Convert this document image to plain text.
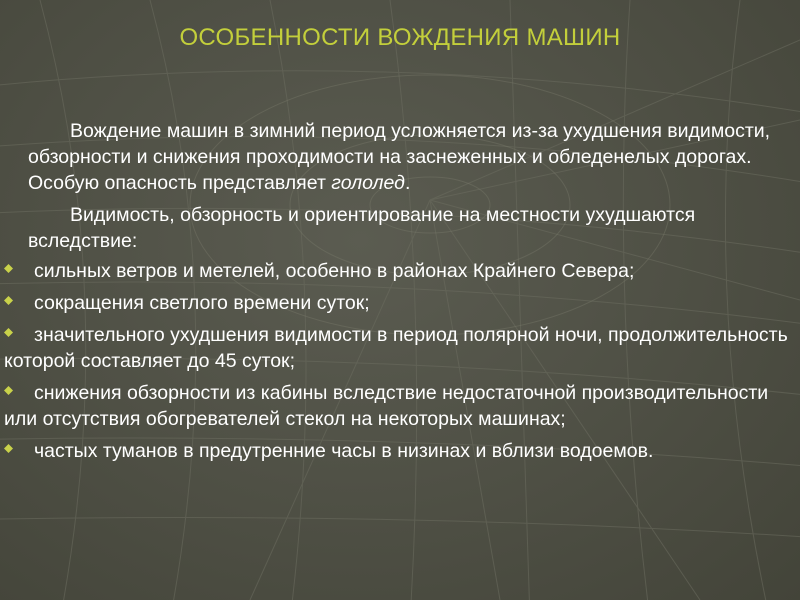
ОСОБЕННОСТИ ВОЖДЕНИЯ МАШИН

Вождение машин в зимний период усложняется из-за ухудшения видимости, обзорности и снижения проходимости на заснеженных и обледенелых дорогах. Особую опасность представляет гололед.

Видимость, обзорность и ориентирование на местности ухудшаются вследствие:

сильных ветров и метелей, особенно в районах Крайнего Севера;
сокращения светлого времени суток;
значительного ухудшения видимости в период полярной ночи, продолжительность которой составляет до 45 суток;
снижения обзорности из кабины вследствие недостаточной производительности или отсутствия обогревателей стекол на некоторых машинах;
частых туманов в предутренние часы в низинах и вблизи водоемов.
